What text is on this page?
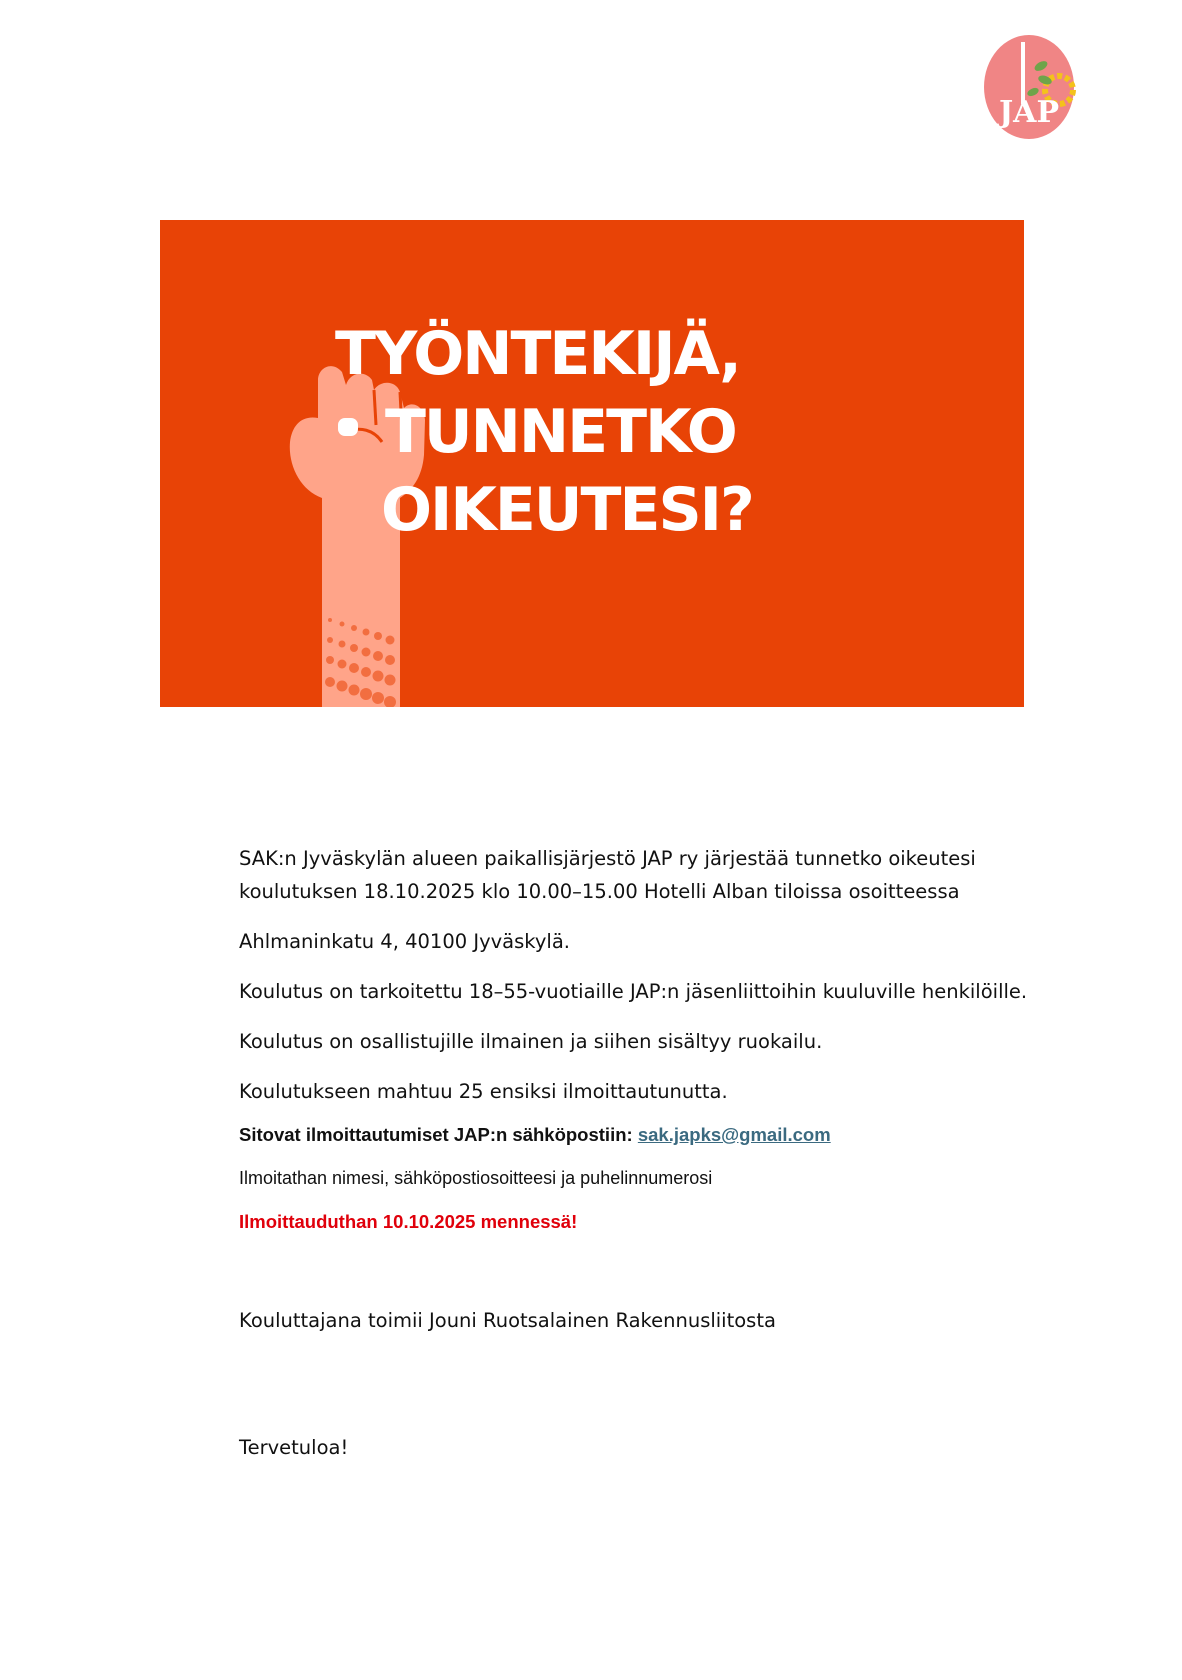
JAP
TYÖNTEKIJÄ,
TUNNETKO
OIKEUTESI?

SAK:n Jyväskylän alueen paikallisjärjestö JAP ry järjestää tunnetko oikeutesi

koulutuksen 18.10.2025 klo 10.00–15.00 Hotelli Alban tiloissa osoitteessa

Ahlmaninkatu 4, 40100 Jyväskylä.

Koulutus on tarkoitettu 18–55-vuotiaille JAP:n jäsenliittoihin kuuluville henkilöille.

Koulutus on osallistujille ilmainen ja siihen sisältyy ruokailu.

Koulutukseen mahtuu 25 ensiksi ilmoittautunutta.

Sitovat ilmoittautumiset JAP:n sähköpostiin: sak.japks@gmail.com

Ilmoitathan nimesi, sähköpostiosoitteesi ja puhelinnumerosi

Ilmoittauduthan 10.10.2025 mennessä!

Kouluttajana toimii Jouni Ruotsalainen Rakennusliitosta

Tervetuloa!
